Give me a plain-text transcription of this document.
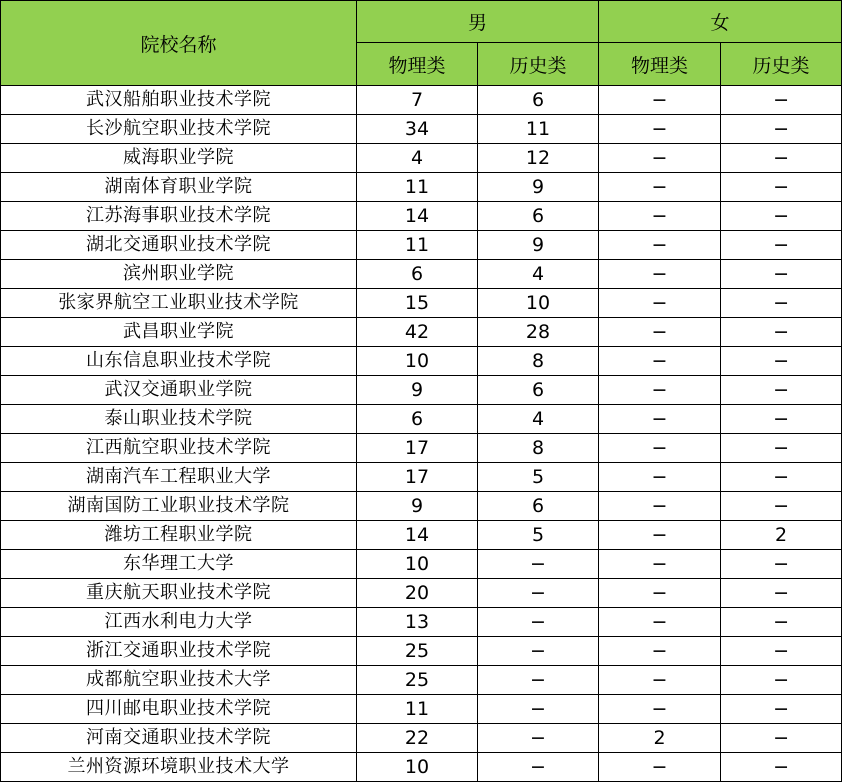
院校名称	男		女	
	物理类	历史类	物理类	历史类
武汉船舶职业技术学院	7	6	−	−
长沙航空职业技术学院	34	11	−	−
威海职业学院	4	12	−	−
湖南体育职业学院	11	9	−	−
江苏海事职业技术学院	14	6	−	−
湖北交通职业技术学院	11	9	−	−
滨州职业学院	6	4	−	−
张家界航空工业职业技术学院	15	10	−	−
武昌职业学院	42	28	−	−
山东信息职业技术学院	10	8	−	−
武汉交通职业学院	9	6	−	−
泰山职业技术学院	6	4	−	−
江西航空职业技术学院	17	8	−	−
湖南汽车工程职业大学	17	5	−	−
湖南国防工业职业技术学院	9	6	−	−
潍坊工程职业学院	14	5	−	2
东华理工大学	10	−	−	−
重庆航天职业技术学院	20	−	−	−
江西水利电力大学	13	−	−	−
浙江交通职业技术学院	25	−	−	−
成都航空职业技术大学	25	−	−	−
四川邮电职业技术学院	11	−	−	−
河南交通职业技术学院	22	−	2	−
兰州资源环境职业技术大学	10	−	−	−
